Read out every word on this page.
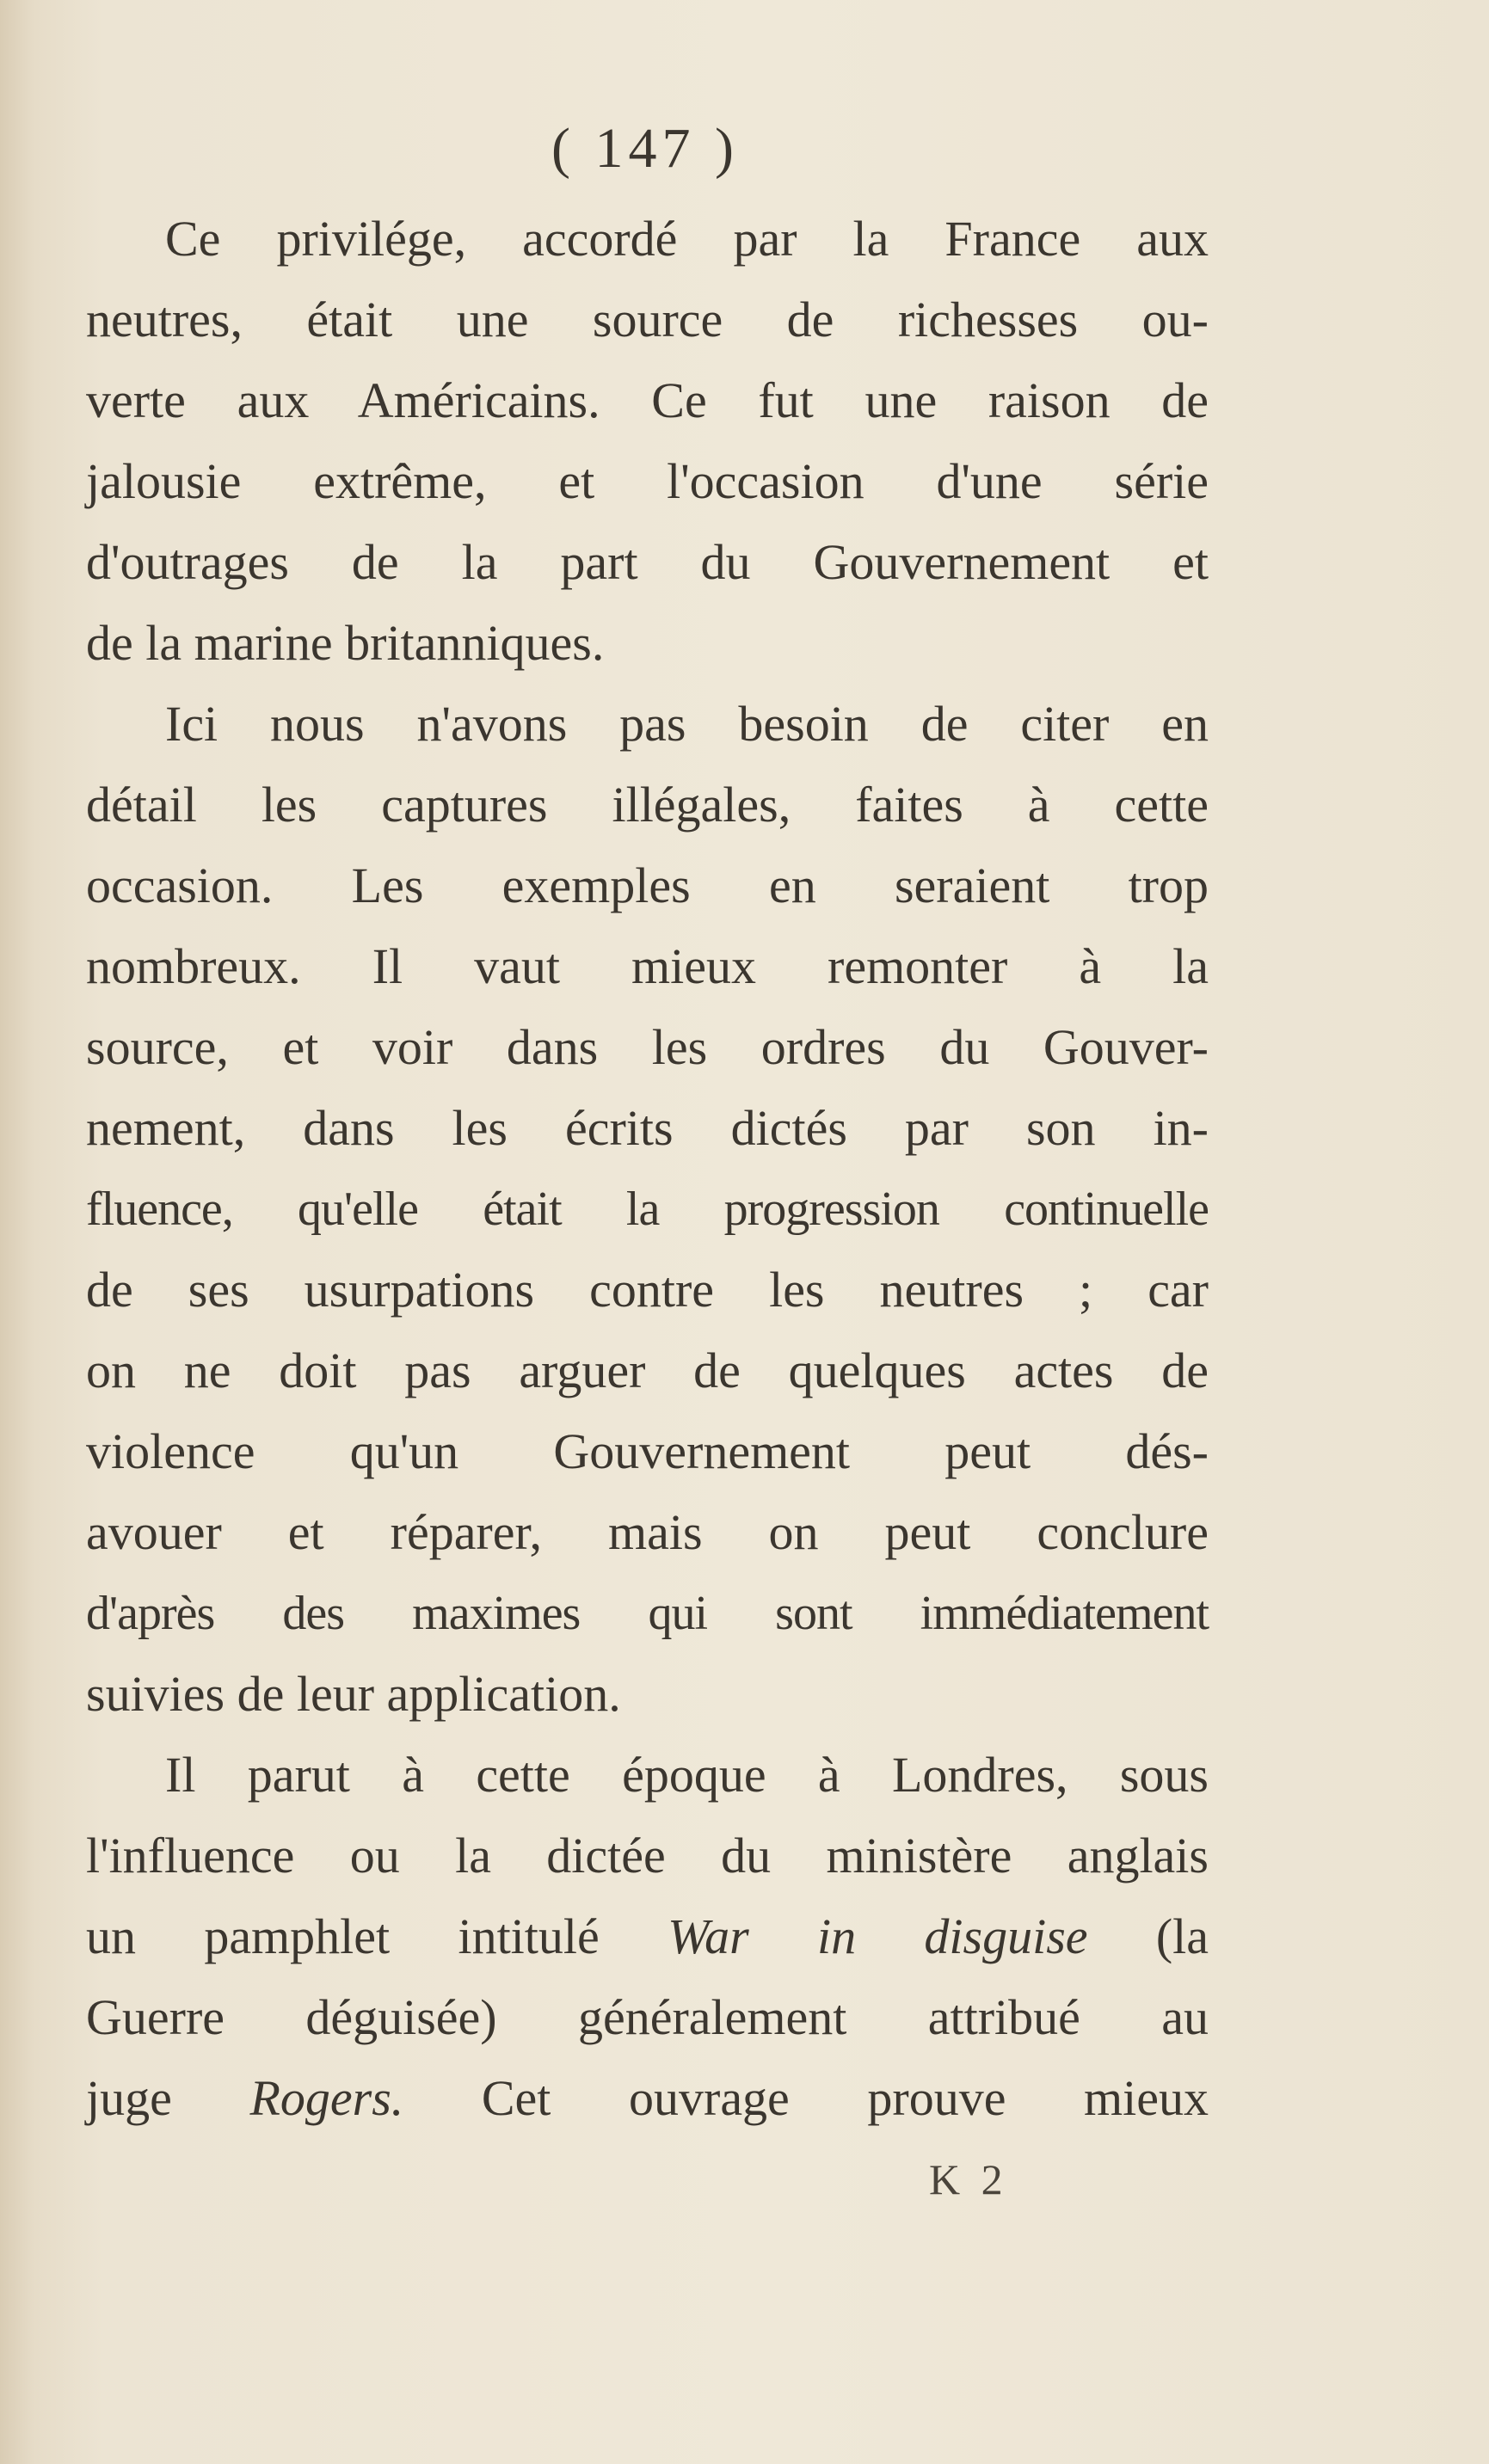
( 147 )
Ce privilége, accordé par la France aux
neutres, était une source de richesses ou-
verte aux Américains. Ce fut une raison de
jalousie extrême, et l'occasion d'une série
d'outrages de la part du Gouvernement et
de la marine britanniques.
Ici nous n'avons pas besoin de citer en
détail les captures illégales, faites à cette
occasion. Les exemples en seraient trop
nombreux. Il vaut mieux remonter à la
source, et voir dans les ordres du Gouver-
nement, dans les écrits dictés par son in-
fluence, qu'elle était la progression continuelle
de ses usurpations contre les neutres ; car
on ne doit pas arguer de quelques actes de
violence qu'un Gouvernement peut dés-
avouer et réparer, mais on peut conclure
d'après des maximes qui sont immédiatement
suivies de leur application.
Il parut à cette époque à Londres, sous
l'influence ou la dictée du ministère anglais
un pamphlet intitulé War in disguise (la
Guerre déguisée) généralement attribué au
juge Rogers. Cet ouvrage prouve mieux
K 2
